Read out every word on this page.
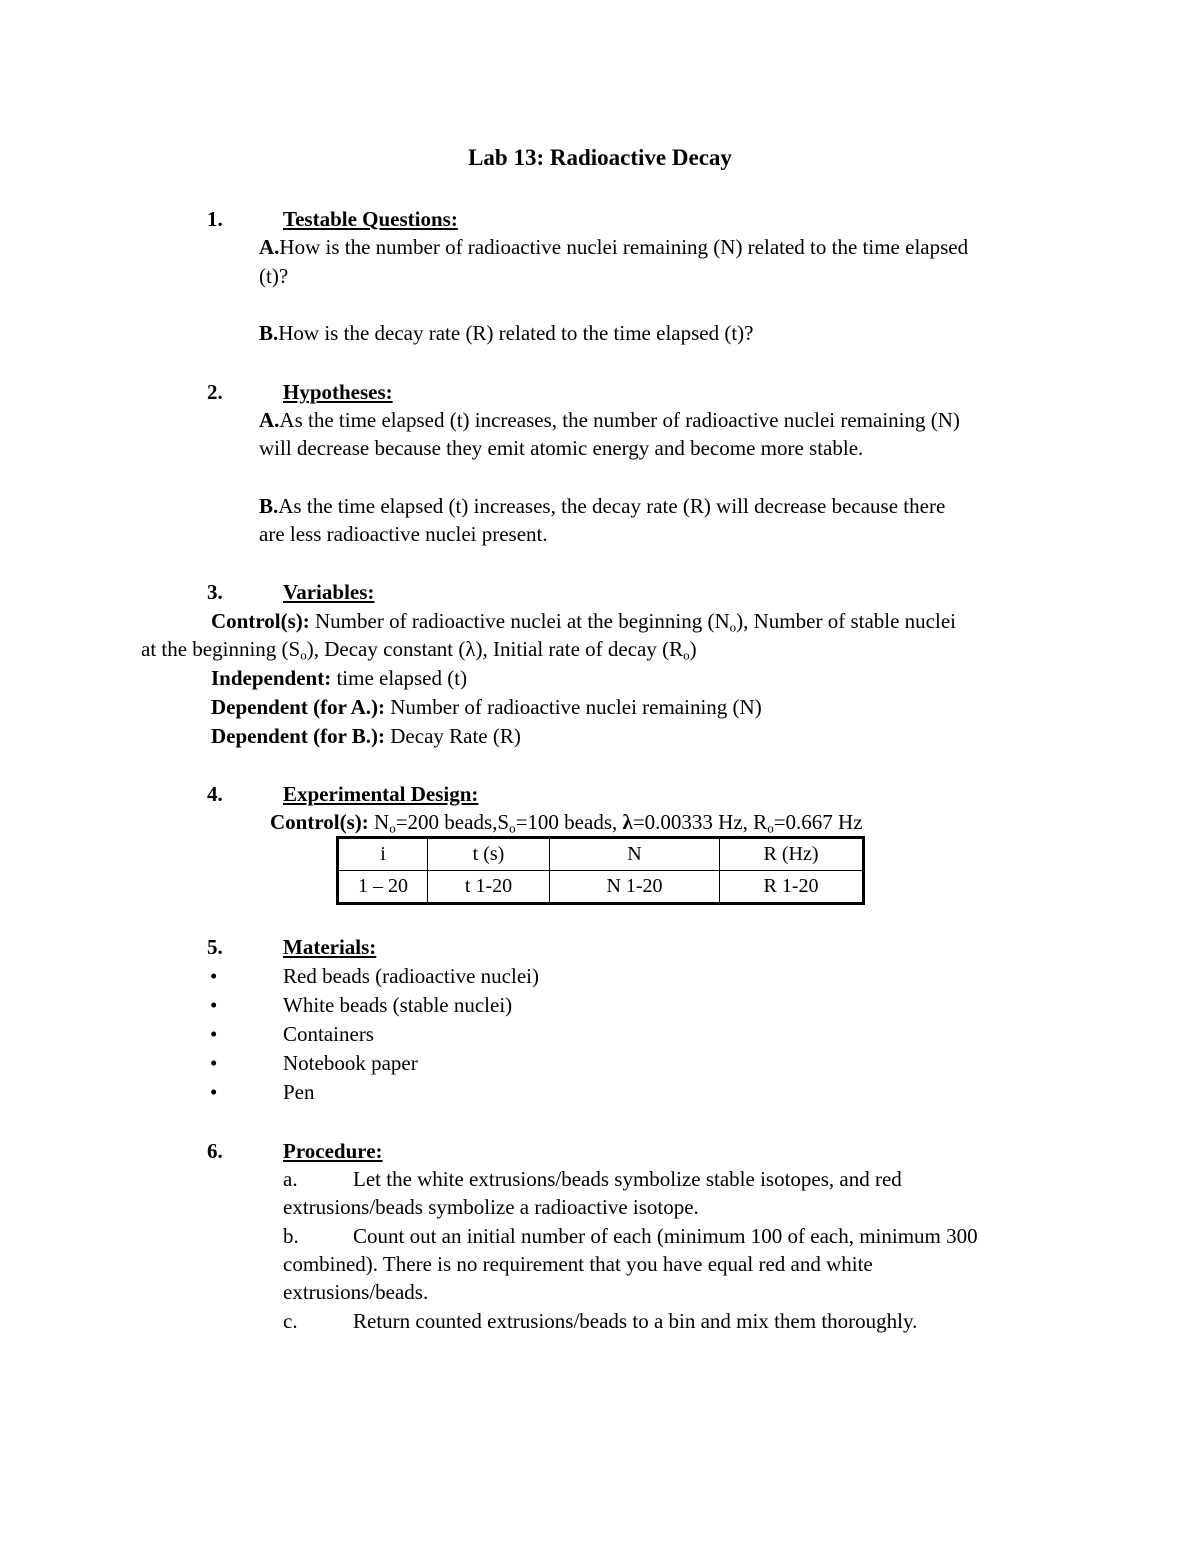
Lab 13: Radioactive Decay
1.	Testable Questions:
A.How is the number of radioactive nuclei remaining (N) related to the time elapsed
(t)?
B.How is the decay rate (R) related to the time elapsed (t)?
2.	Hypotheses:
A.As the time elapsed (t) increases, the number of radioactive nuclei remaining (N)
will decrease because they emit atomic energy and become more stable.
B.As the time elapsed (t) increases, the decay rate (R) will decrease because there
are less radioactive nuclei present.
3.	Variables:
Control(s): Number of radioactive nuclei at the beginning $(N_o)$, Number of stable nuclei
at the beginning $(S_o)$, Decay constant (λ), Initial rate of decay $(R_o)$
Independent: time elapsed (t)
Dependent (for A.): Number of radioactive nuclei remaining (N)
Dependent (for B.): Decay Rate (R)
4.	Experimental Design:
Control(s): $N_o=200$ $beads,S_o=100$ beads, λ=0.00333 Hz, $R_o=0.667$ Hz
i	t (s)	N	R (Hz)
1 – 20	t 1-20	N 1-20	R 1-20
5.	Materials:
•	Red beads (radioactive nuclei)
•	White beads (stable nuclei)
•	Containers
•	Notebook paper
•	Pen
6.	Procedure:
a.	Let the white extrusions/beads symbolize stable isotopes, and red
extrusions/beads symbolize a radioactive isotope.
b.	Count out an initial number of each (minimum 100 of each, minimum 300
combined). There is no requirement that you have equal red and white
extrusions/beads.
c.	Return counted extrusions/beads to a bin and mix them thoroughly.
